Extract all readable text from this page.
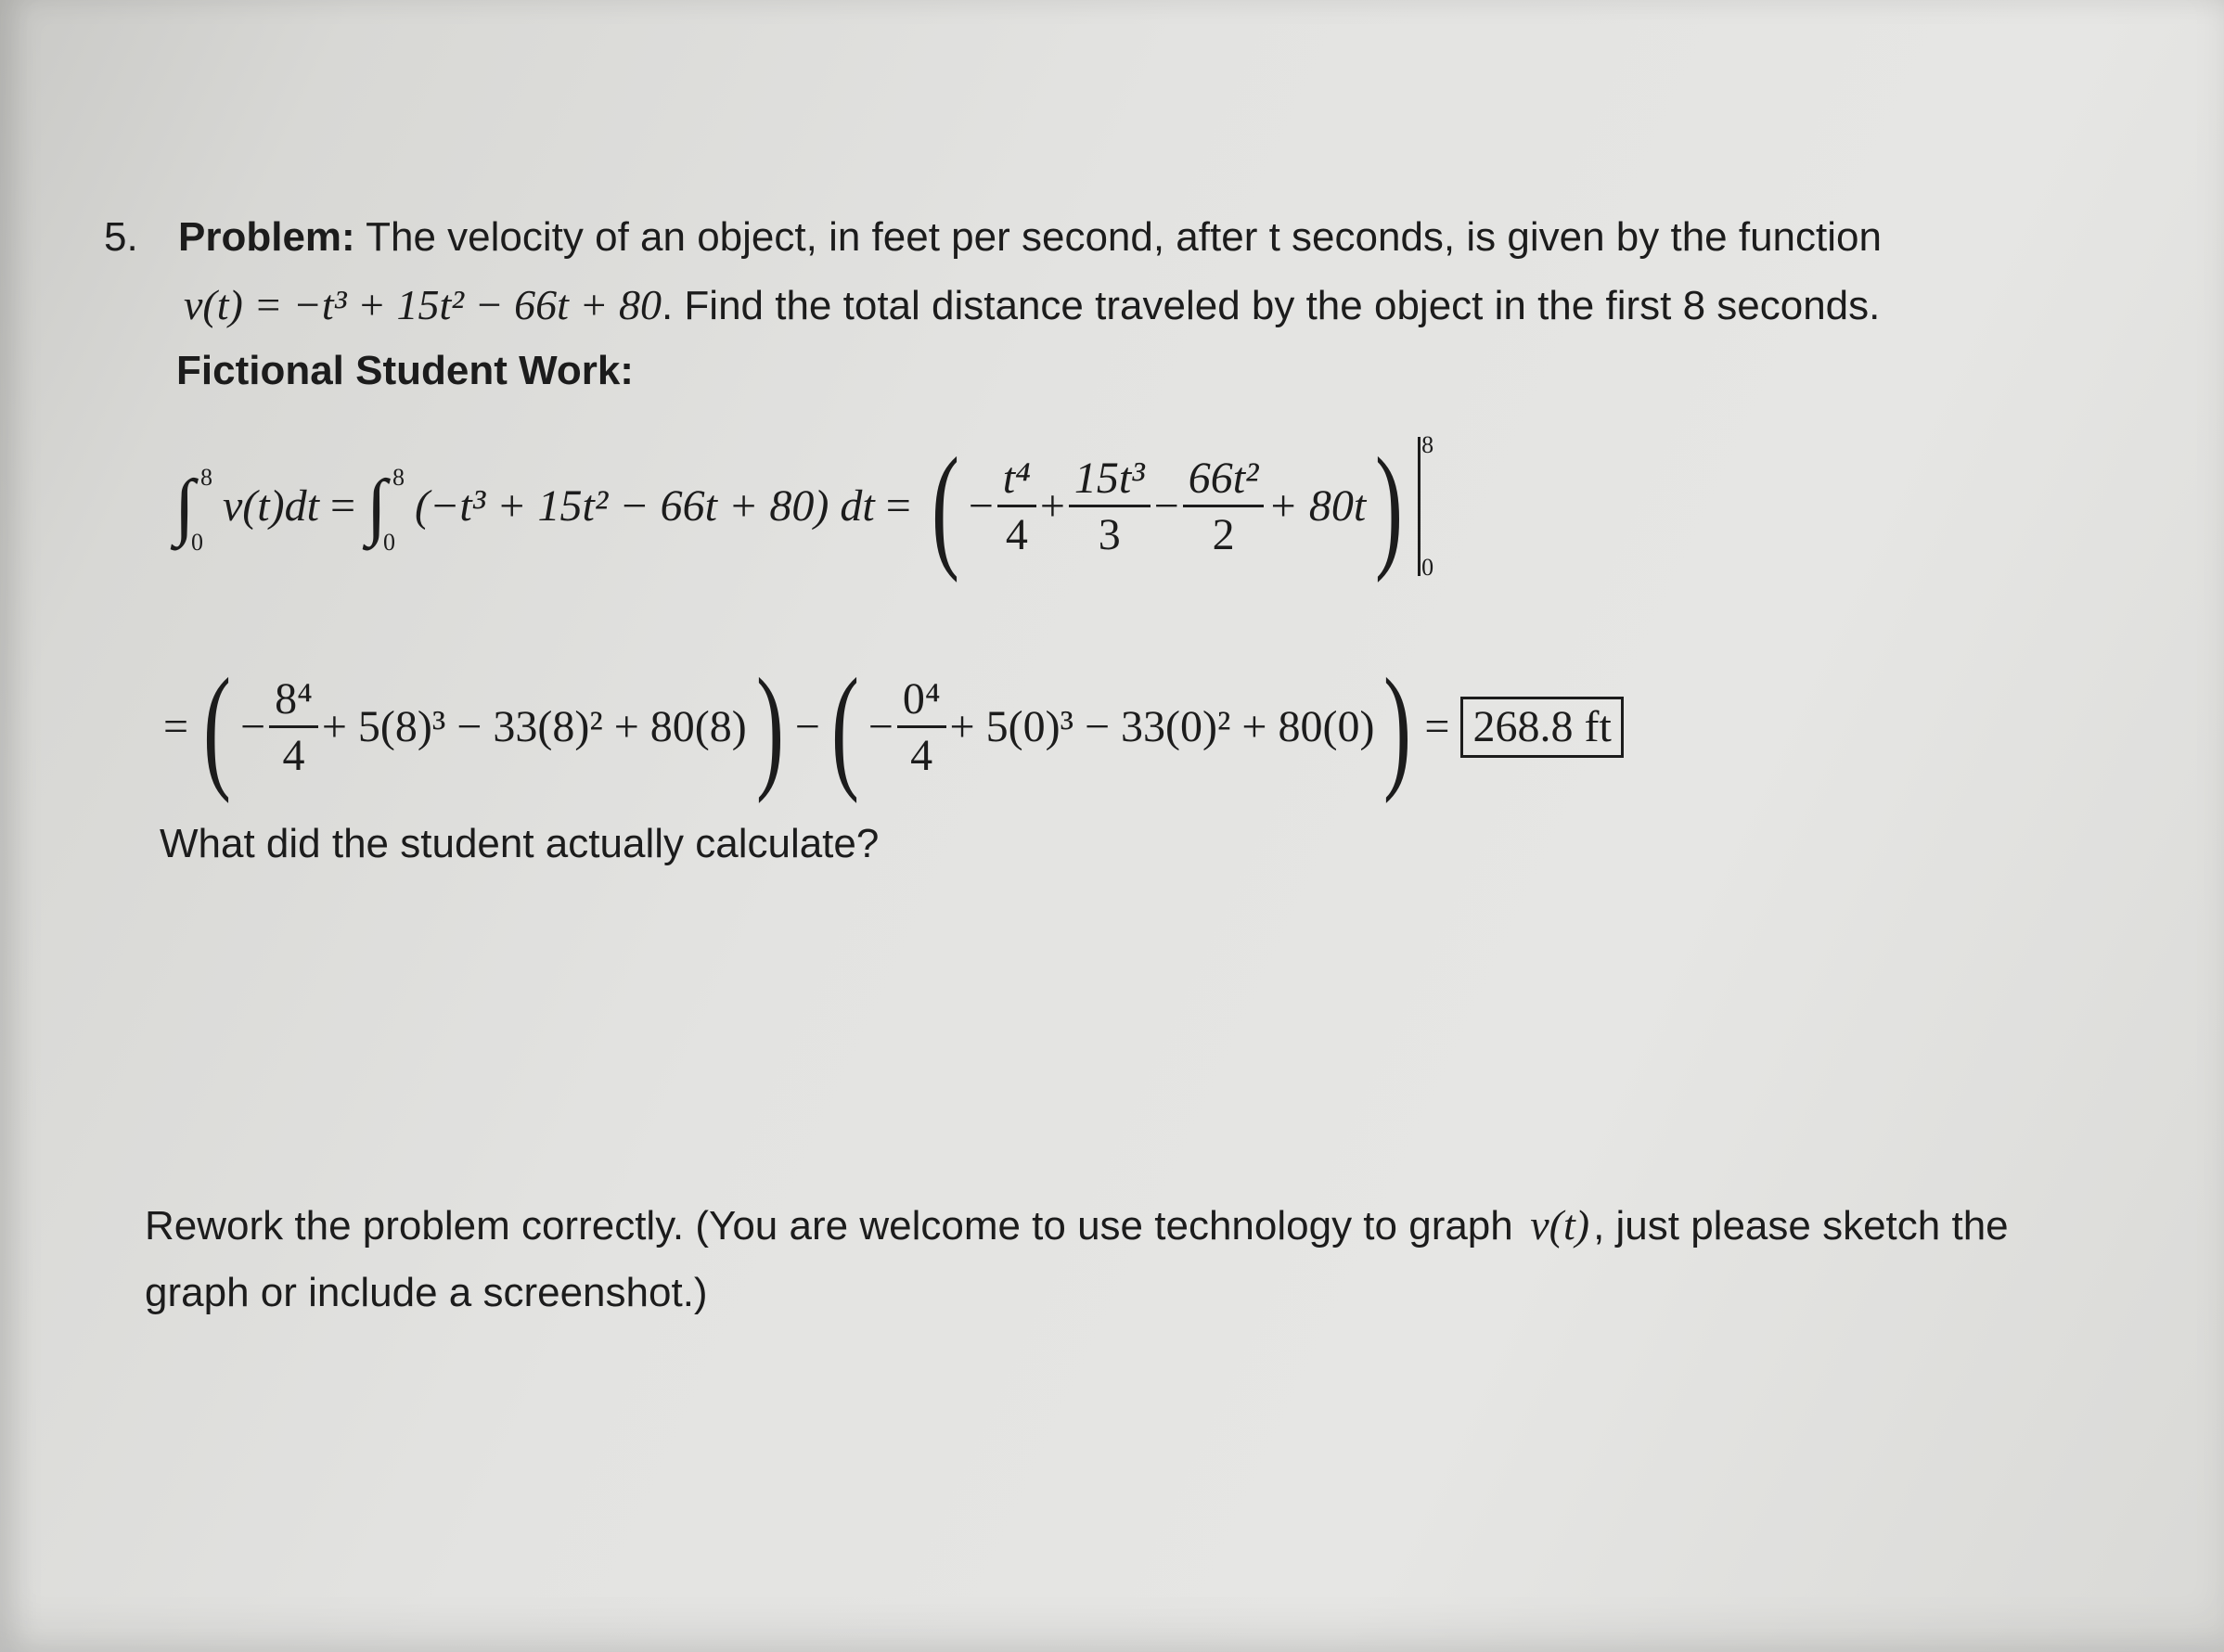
5. Problem: The velocity of an object, in feet per second, after t seconds, is given by the function
v(t) = −t³ + 15t² − 66t + 80. Find the total distance traveled by the object in the first 8 seconds.
Fictional Student Work:
∫ 8
0
v(t)dt = ∫ 8
0
(−t³ + 15t² − 66t + 80) dt = ( − $\frac{\text{t⁴}}{4} + \frac{\text{15t³}}{3} - \frac{\text{66t²}}{2} + 80t$ ) 8
0
= ( − $\frac{\text{8⁴}}{4} + 5(8)^3 - 33(8)^2 + 80(8)$ ) − ( − $\frac{\text{0⁴}}{4} + 5(0)^3 - 33(0)^2 + 80(0)$ ) = 268.8 ft
What did the student actually calculate?
Rework the problem correctly. (You are welcome to use technology to graph v(t), just please sketch the
graph or include a screenshot.)
